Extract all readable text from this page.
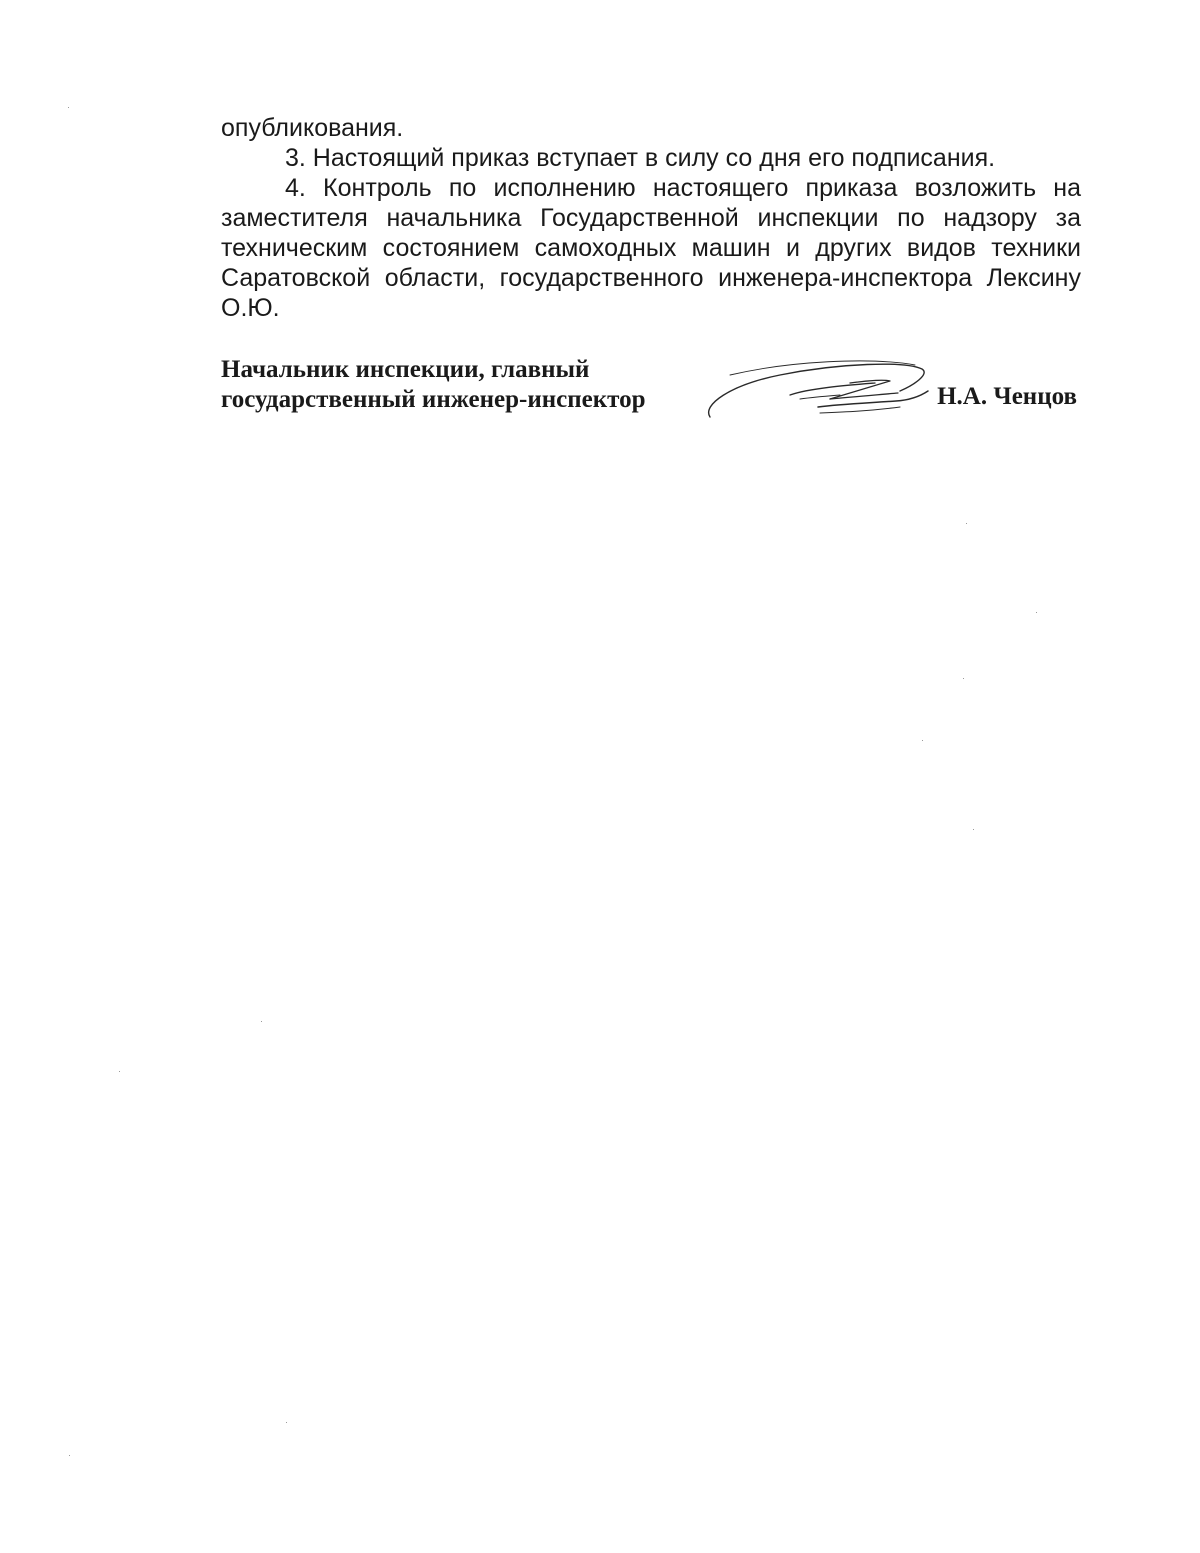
опубликования.

3. Настоящий приказ вступает в силу со дня его подписания.

4. Контроль по исполнению настоящего приказа возложить на
заместителя начальника Государственной инспекции по надзору за
техническим состоянием самоходных машин и других видов техники
Саратовской области, государственного инженера-инспектора Лексину О.Ю.
Начальник инспекции, главный
государственный инженер-инспектор	Н.А. Ченцов
